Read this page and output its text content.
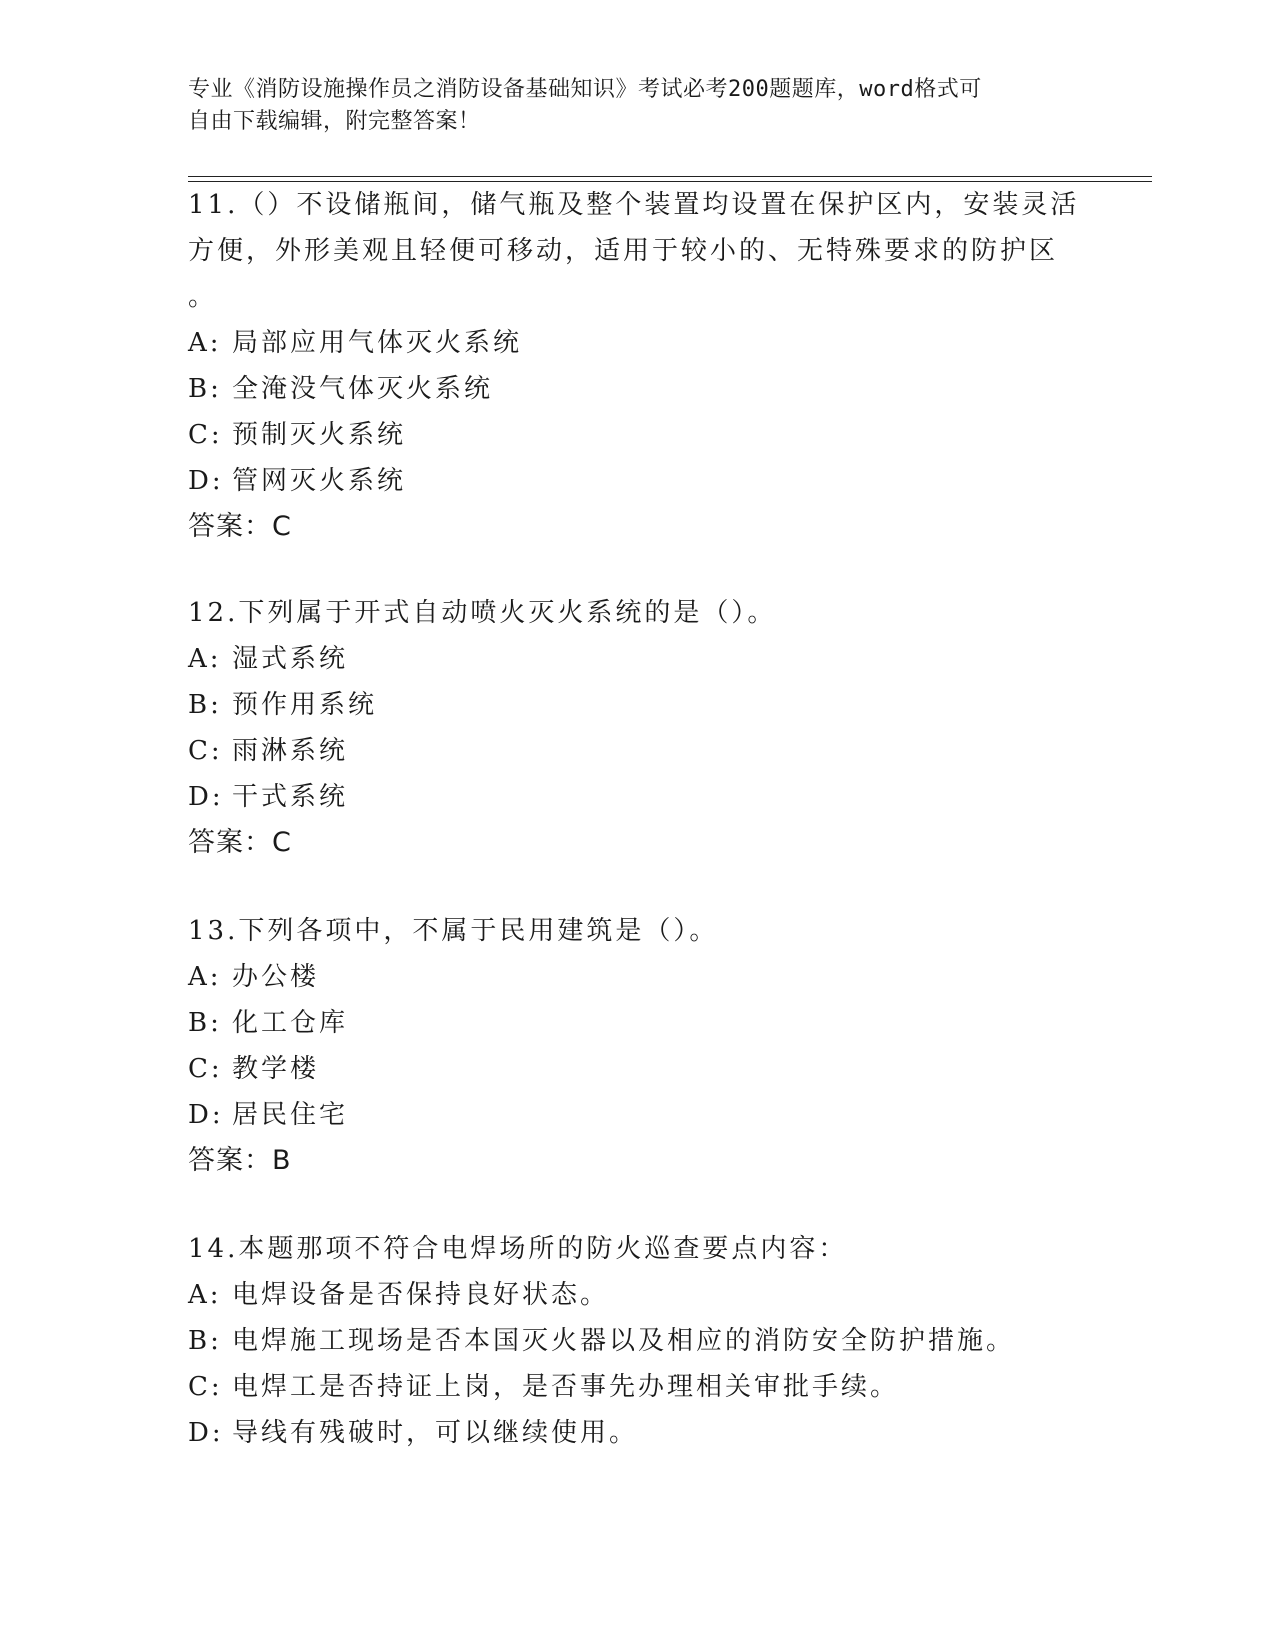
专业《消防设施操作员之消防设备基础知识》考试必考200题题库，word格式可
自由下载编辑，附完整答案！
11.（）不设储瓶间，储气瓶及整个装置均设置在保护区内，安装灵活
方便，外形美观且轻便可移动，适用于较小的、无特殊要求的防护区
。
A: 局部应用气体灭火系统
B: 全淹没气体灭火系统
C: 预制灭火系统
D: 管网灭火系统
答案：C
12.下列属于开式自动喷火灭火系统的是（）。
A: 湿式系统
B: 预作用系统
C: 雨淋系统
D: 干式系统
答案：C
13.下列各项中，不属于民用建筑是（）。
A: 办公楼
B: 化工仓库
C: 教学楼
D: 居民住宅
答案：B
14.本题那项不符合电焊场所的防火巡查要点内容：
A: 电焊设备是否保持良好状态。
B: 电焊施工现场是否本国灭火器以及相应的消防安全防护措施。
C: 电焊工是否持证上岗，是否事先办理相关审批手续。
D: 导线有残破时，可以继续使用。
